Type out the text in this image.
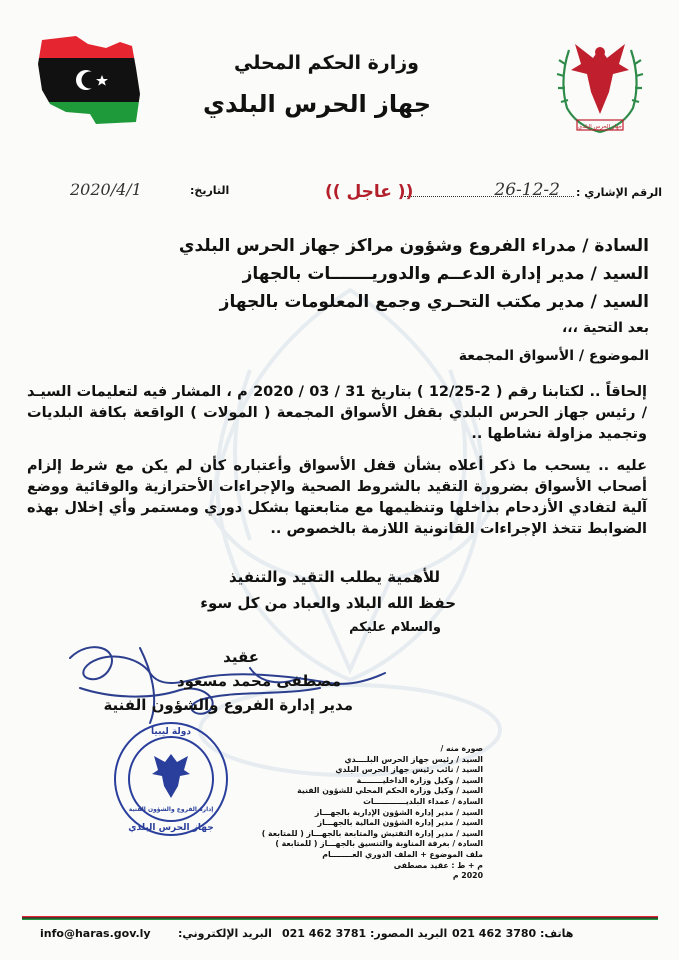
وزارة الحكم المحلي
جهاز الحرس البلدي
جهاز الحرس البلدي
الرقم الإشاري :
26-12-2
(( عاجل ))
التاريخ:
2020/4/1
السادة / مدراء الفروع وشؤون مراكز جهاز الحرس البلدي
السيد / مدير إدارة الدعــم والدوريـــــــات بالجهاز
السيد / مدير مكتب التحـري وجمع المعلومات بالجهاز
بعد التحية ،،،
الموضوع / الأسواق المجمعة
إلحاقاً .. لكتابنا رقم ( 2-12/25 ) بتاريخ 31 / 03 / 2020 م ، المشار فيه لتعليمات السيـد / رئيس جهاز الحرس البلدي بقفل الأسواق المجمعة ( المولات ) الواقعة بكافة البلديات وتجميد مزاولة نشاطها ..
عليه .. يسحب ما ذكر أعلاه بشأن قفل الأسواق وأعتباره كأن لم يكن مع شرط إلزام أصحاب الأسواق بضرورة التقيد بالشروط الصحية والإجراءات الأحترازية والوقائية ووضع آلية لتفادي الأزدحام بداخلها وتنظيمها مع متابعتها بشكل دوري ومستمر وأي إخلال بهذه الضوابط تتخذ الإجراءات القانونية اللازمة بالخصوص ..
للأهمية يطلب التقيد والتنفيذ
حفظ الله البلاد والعباد من كل سوء
والسلام عليكم
عقيد
مصطفى محمد مسعود
مدير إدارة الفروع والشؤون الفنية
دولة ليبيا
إدارة الفروع والشؤون الفنية
جهاز الحرس البلدي
صورة منه /
السيد / رئيس جهاز الحرس البلــــدي
السيد / نائب رئيس جهاز الحرس البلدي
السيد / وكيل وزارة الداخليــــــــة
السيد / وكيل وزارة الحكم المحلي للشؤون الفنية
السادة / عمداء البلديــــــــــــات
السيد / مدير إدارة الشؤون الإدارية بالجهـــاز
السيد / مدير إدارة الشؤون المالية بالجهـــاز
السيد / مدير إدارة التفتيش والمتابعة بالجهـــاز ( للمتابعة )
السادة / بغرفة المناوبة والتنسيق بالجهـــاز ( للمتابعة )
ملف الموضوع + الملف الدوري العــــــــام
م + ط : عقيد مصطفى
2020 م
info@haras.gov.ly البريد الإلكتروني: 021 462 3781 البريد المصور: 021 462 3780 هاتف:
